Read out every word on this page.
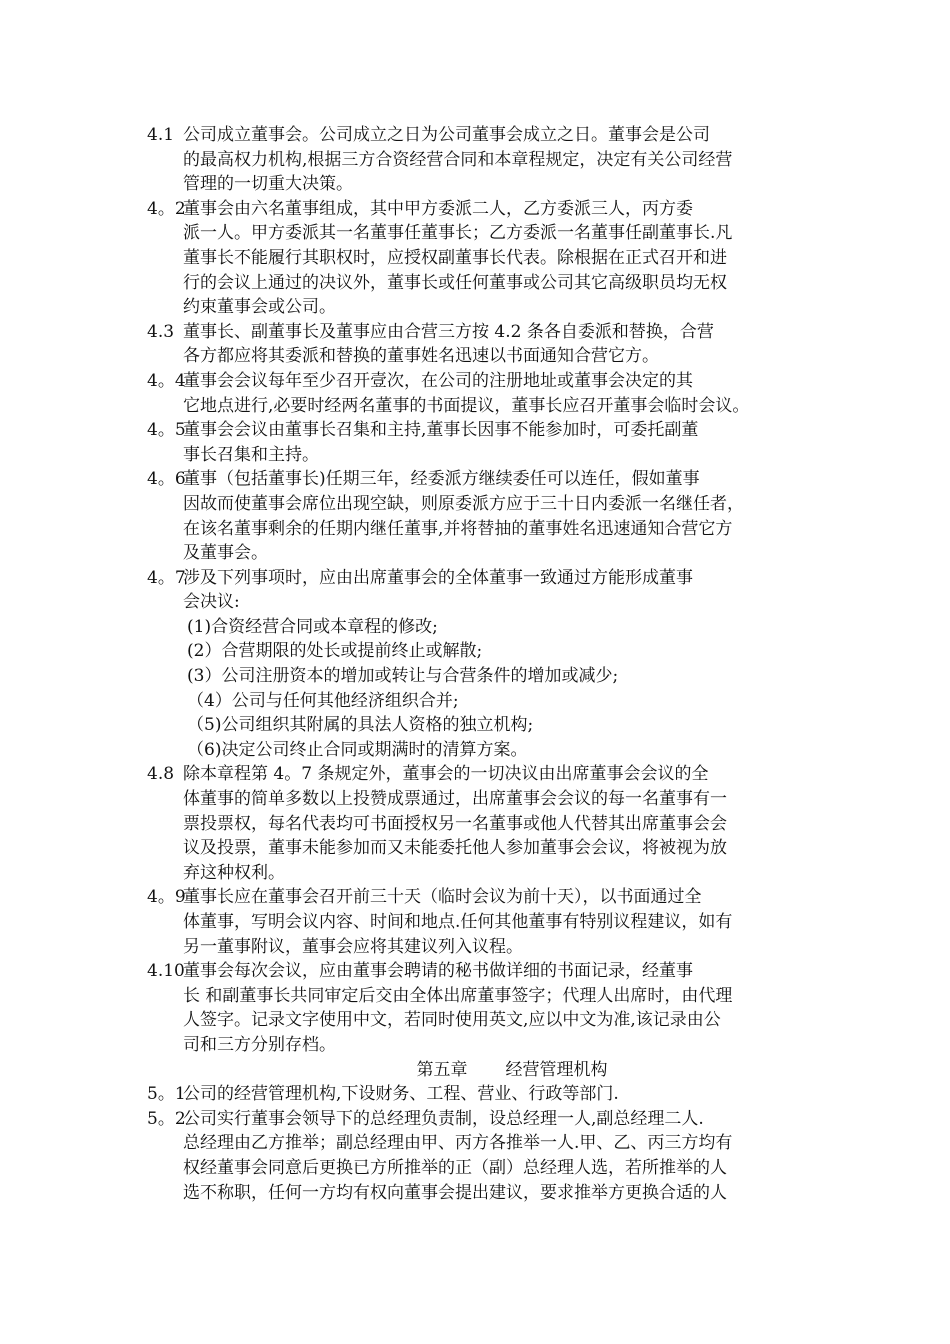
4.1 公司成立董事会。公司成立之日为公司董事会成立之日。董事会是公司
的最高权力机构,根据三方合资经营合同和本章程规定，决定有关公司经营
管理的一切重大决策。
4。2
董事会由六名董事组成，其中甲方委派二人，乙方委派三人，丙方委
派一人。甲方委派其一名董事任董事长；乙方委派一名董事任副董事长.凡
董事长不能履行其职权时，应授权副董事长代表。除根据在正式召开和进
行的会议上通过的决议外，董事长或任何董事或公司其它高级职员均无权
约束董事会或公司。
4.3 董事长、副董事长及董事应由合营三方按 4.2 条各自委派和替换，合营
各方都应将其委派和替换的董事姓名迅速以书面通知合营它方。
4。4
董事会会议每年至少召开壹次，在公司的注册地址或董事会决定的其
它地点进行,必要时经两名董事的书面提议，董事长应召开董事会临时会议。
4。5
董事会会议由董事长召集和主持,董事长因事不能参加时，可委托副董
事长召集和主持。
4。6
董事（包括董事长)任期三年，经委派方继续委任可以连任，假如董事
因故而使董事会席位出现空缺，则原委派方应于三十日内委派一名继任者，
在该名董事剩余的任期内继任董事,并将替抽的董事姓名迅速通知合营它方
及董事会。
4。7
涉及下列事项时，应由出席董事会的全体董事一致通过方能形成董事
会决议:
(1)合资经营合同或本章程的修改;
(2）合营期限的处长或提前终止或解散;
(3）公司注册资本的增加或转让与合营条件的增加或减少;
（4）公司与任何其他经济组织合并;
（5)公司组织其附属的具法人资格的独立机构;
（6)决定公司终止合同或期满时的清算方案。
4.8 除本章程第 4。7 条规定外，董事会的一切决议由出席董事会会议的全
体董事的简单多数以上投赞成票通过，出席董事会会议的每一名董事有一
票投票权，每名代表均可书面授权另一名董事或他人代替其出席董事会会
议及投票，董事未能参加而又未能委托他人参加董事会会议，将被视为放
弃这种权利。
4。9
董事长应在董事会召开前三十天（临时会议为前十天），以书面通过全
体董事，写明会议内容、时间和地点.任何其他董事有特别议程建议，如有
另一董事附议，董事会应将其建议列入议程。
4.10
董事会每次会议，应由董事会聘请的秘书做详细的书面记录，经董事
长 和副董事长共同审定后交由全体出席董事签字；代理人出席时，由代理
人签字。记录文字使用中文，若同时使用英文,应以中文为准,该记录由公
司和三方分别存档。
第五章 经营管理机构
5。1
公司的经营管理机构,下设财务、工程、营业、行政等部门.
5。2
公司实行董事会领导下的总经理负责制，设总经理一人,副总经理二人.
总经理由乙方推举；副总经理由甲、丙方各推举一人.甲、乙、丙三方均有
权经董事会同意后更换已方所推举的正（副）总经理人选，若所推举的人
选不称职，任何一方均有权向董事会提出建议，要求推举方更换合适的人
